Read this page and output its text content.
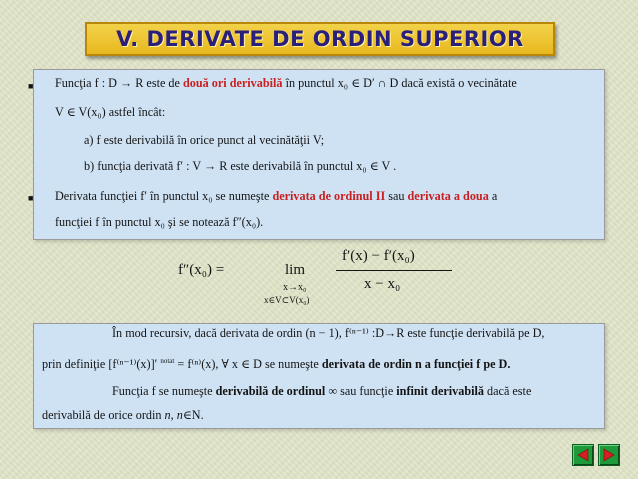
V. DERIVATE DE ORDIN SUPERIOR
■ Funcţia f : D → R este de două ori derivabilă în punctul x₀ ∈ D′ ∩ D dacă există o vecinătate
V ∈ V(x₀) astfel încât:
a) f este derivabilă în orice punct al vecinătăţii V;
b) funcţia derivată f′ : V → R este derivabilă în punctul x₀ ∈ V .
■ Derivata funcţiei f′ în punctul x₀ se numeşte derivata de ordinul II sau derivata a doua a
funcţiei f în punctul x₀ şi se notează f″(x₀).
f″(x₀) =	lim
x→x₀
x∈V⊂V(x₀)
f′(x) − f′(x₀)
x − x₀
În mod recursiv, dacă derivata de ordin (n − 1), f⁽ⁿ⁻¹⁾ :D→R este funcţie derivabilă pe D,
prin definiţie [f⁽ⁿ⁻¹⁾(x)]′ $^{notat}$ = f⁽ⁿ⁾(x), ∀ x ∈ D se numeşte derivata de ordin n a funcţiei f pe D.
Funcţia f se numeşte derivabilă de ordinul ∞ sau funcţie infinit derivabilă dacă este
derivabilă de orice ordin n, n∈N.
